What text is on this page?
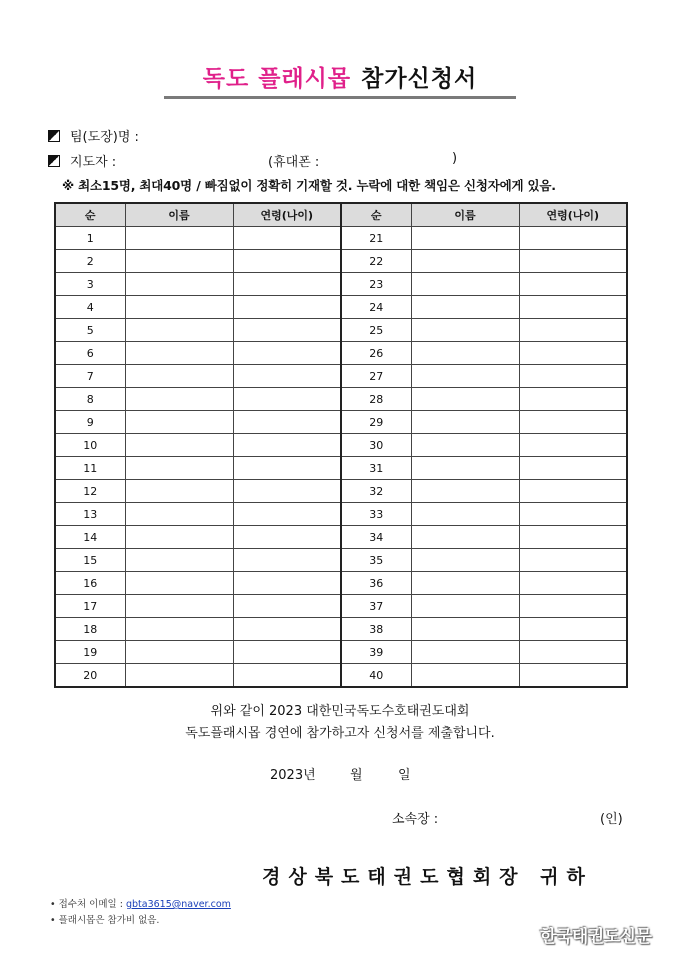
독도 플래시몹 참가신청서
팀(도장)명 :
지도자 :	(휴대폰 :	)
※ 최소15명, 최대40명 / 빠짐없이 정확히 기재할 것. 누락에 대한 책임은 신청자에게 있음.
순	이름	연령(나이)	순	이름	연령(나이)
1			21		
2			22		
3			23		
4			24		
5			25		
6			26		
7			27		
8			28		
9			29		
10			30		
11			31		
12			32		
13			33		
14			34		
15			35		
16			36		
17			37		
18			38		
19			39		
20			40		
위와 같이 2023 대한민국독도수호태권도대회
독도플래시몹 경연에 참가하고자 신청서를 제출합니다.
2023년	월	일
소속장 :	(인)
경상북도태권도협회장 귀하
• 접수처 이메일 : gbta3615@naver.com
• 플래시몹은 참가비 없음.
한국태권도신문
